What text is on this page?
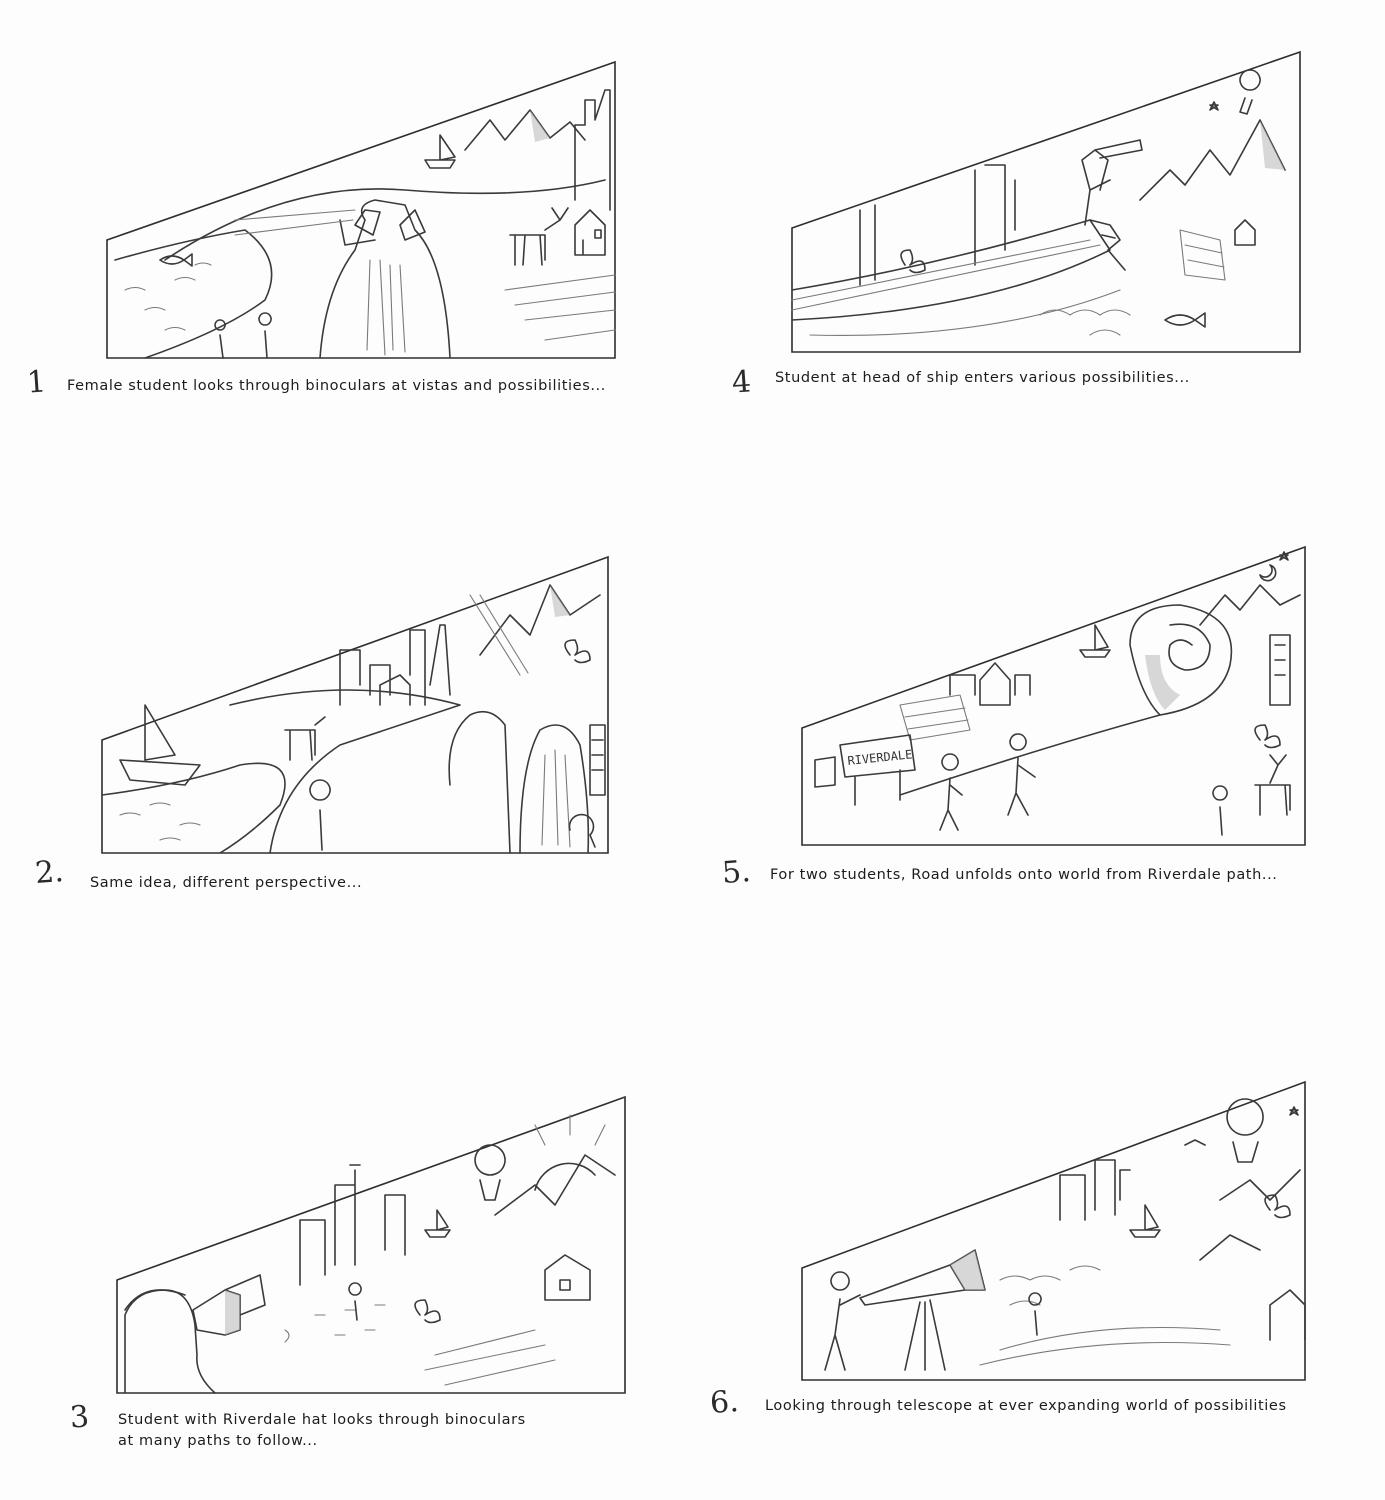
1 Female student looks through binoculars at vistas and possibilities...	4 Student at head of ship enters various possibilities...
2. Same idea, different perspective...
RIVERDALE
5. For two students, Road unfolds onto world from Riverdale path...
3 Student with Riverdale hat looks through binoculars
at many paths to follow...
6. Looking through telescope at ever expanding world of possibilities
